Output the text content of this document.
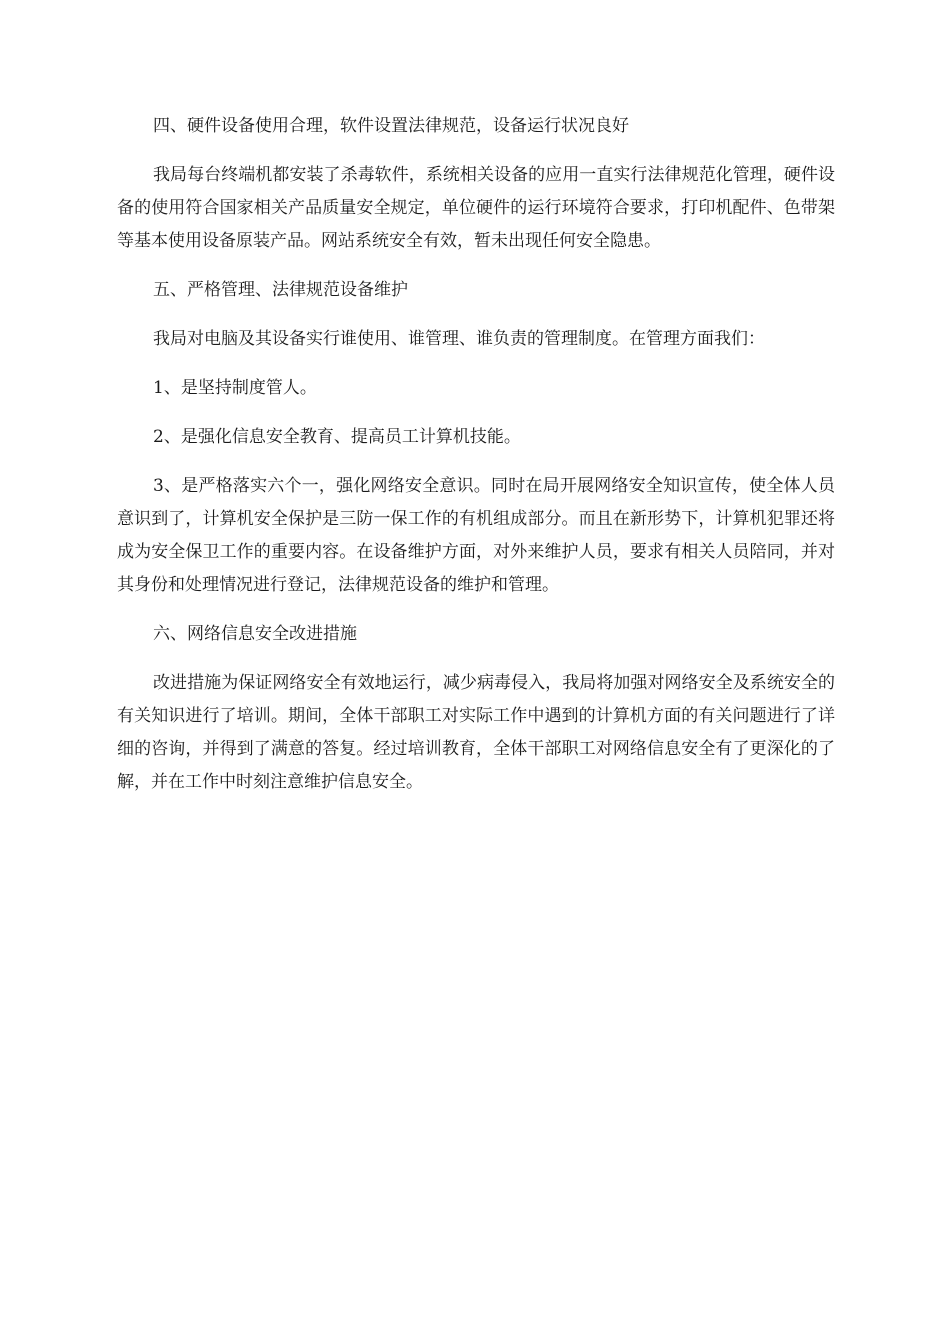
四、硬件设备使用合理，软件设置法律规范，设备运行状况良好

我局每台终端机都安装了杀毒软件，系统相关设备的应用一直实行法律规范化管理，硬件设备的使用符合国家相关产品质量安全规定，单位硬件的运行环境符合要求，打印机配件、色带架等基本使用设备原装产品。网站系统安全有效，暂未出现任何安全隐患。

五、严格管理、法律规范设备维护

我局对电脑及其设备实行谁使用、谁管理、谁负责的管理制度。在管理方面我们：

1、是坚持制度管人。

2、是强化信息安全教育、提高员工计算机技能。

3、是严格落实六个一，强化网络安全意识。同时在局开展网络安全知识宣传，使全体人员意识到了，计算机安全保护是三防一保工作的有机组成部分。而且在新形势下，计算机犯罪还将成为安全保卫工作的重要内容。在设备维护方面，对外来维护人员，要求有相关人员陪同，并对其身份和处理情况进行登记，法律规范设备的维护和管理。

六、网络信息安全改进措施

改进措施为保证网络安全有效地运行，减少病毒侵入，我局将加强对网络安全及系统安全的有关知识进行了培训。期间，全体干部职工对实际工作中遇到的计算机方面的有关问题进行了详细的咨询，并得到了满意的答复。经过培训教育，全体干部职工对网络信息安全有了更深化的了解，并在工作中时刻注意维护信息安全。
